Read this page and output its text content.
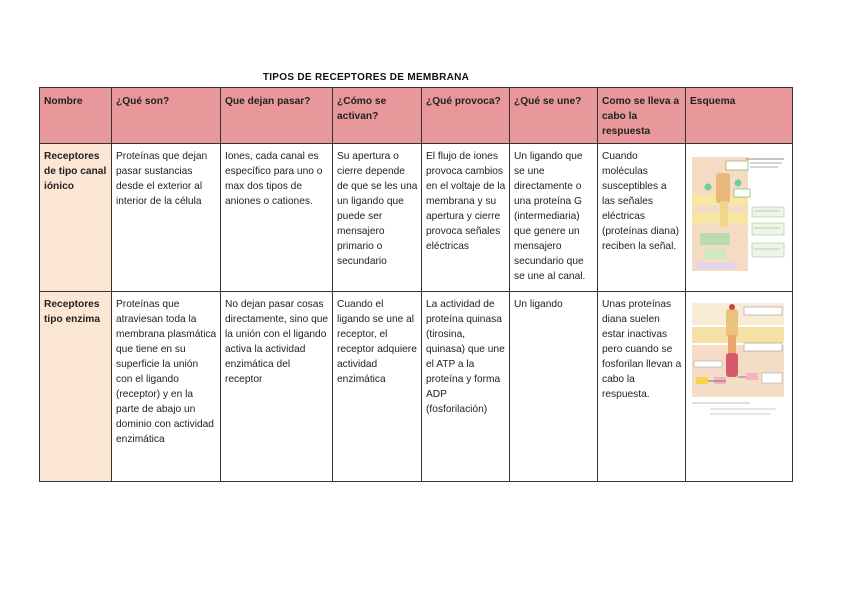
TIPOS DE RECEPTORES DE MEMBRANA
Nombre	¿Qué son?	Que dejan pasar?	¿Cómo se activan?	¿Qué provoca?	¿Qué se une?	Como se lleva a cabo la respuesta	Esquema
Receptores de tipo canal iónico	Proteínas que dejan pasar sustancias desde el exterior al interior de la célula	Iones, cada canal es específico para uno o max dos tipos de aniones o cationes.	Su apertura o cierre depende de que se les una un ligando que puede ser mensajero primario o secundario	El flujo de iones provoca cambios en el voltaje de la membrana y su apertura y cierre provoca señales eléctricas	Un ligando que se une directamente o una proteína G (intermediaria) que genere un mensajero secundario que se une al canal.	Cuando moléculas susceptibles a las señales eléctricas (proteínas diana) reciben la señal.	

Receptores tipo enzima	Proteínas que atraviesan toda la membrana plasmática que tiene en su superficie la unión con el ligando (receptor) y en la parte de abajo un dominio con actividad enzimática	No dejan pasar cosas directamente, sino que la unión con el ligando activa la actividad enzimática del receptor	Cuando el ligando se une al receptor, el receptor adquiere actividad enzimática	La actividad de proteína quinasa (tirosina, quinasa) que une el ATP a la proteína y forma ADP (fosforilación)	Un ligando	Unas proteínas diana suelen estar inactivas pero cuando se fosforilan llevan a cabo la respuesta.	
